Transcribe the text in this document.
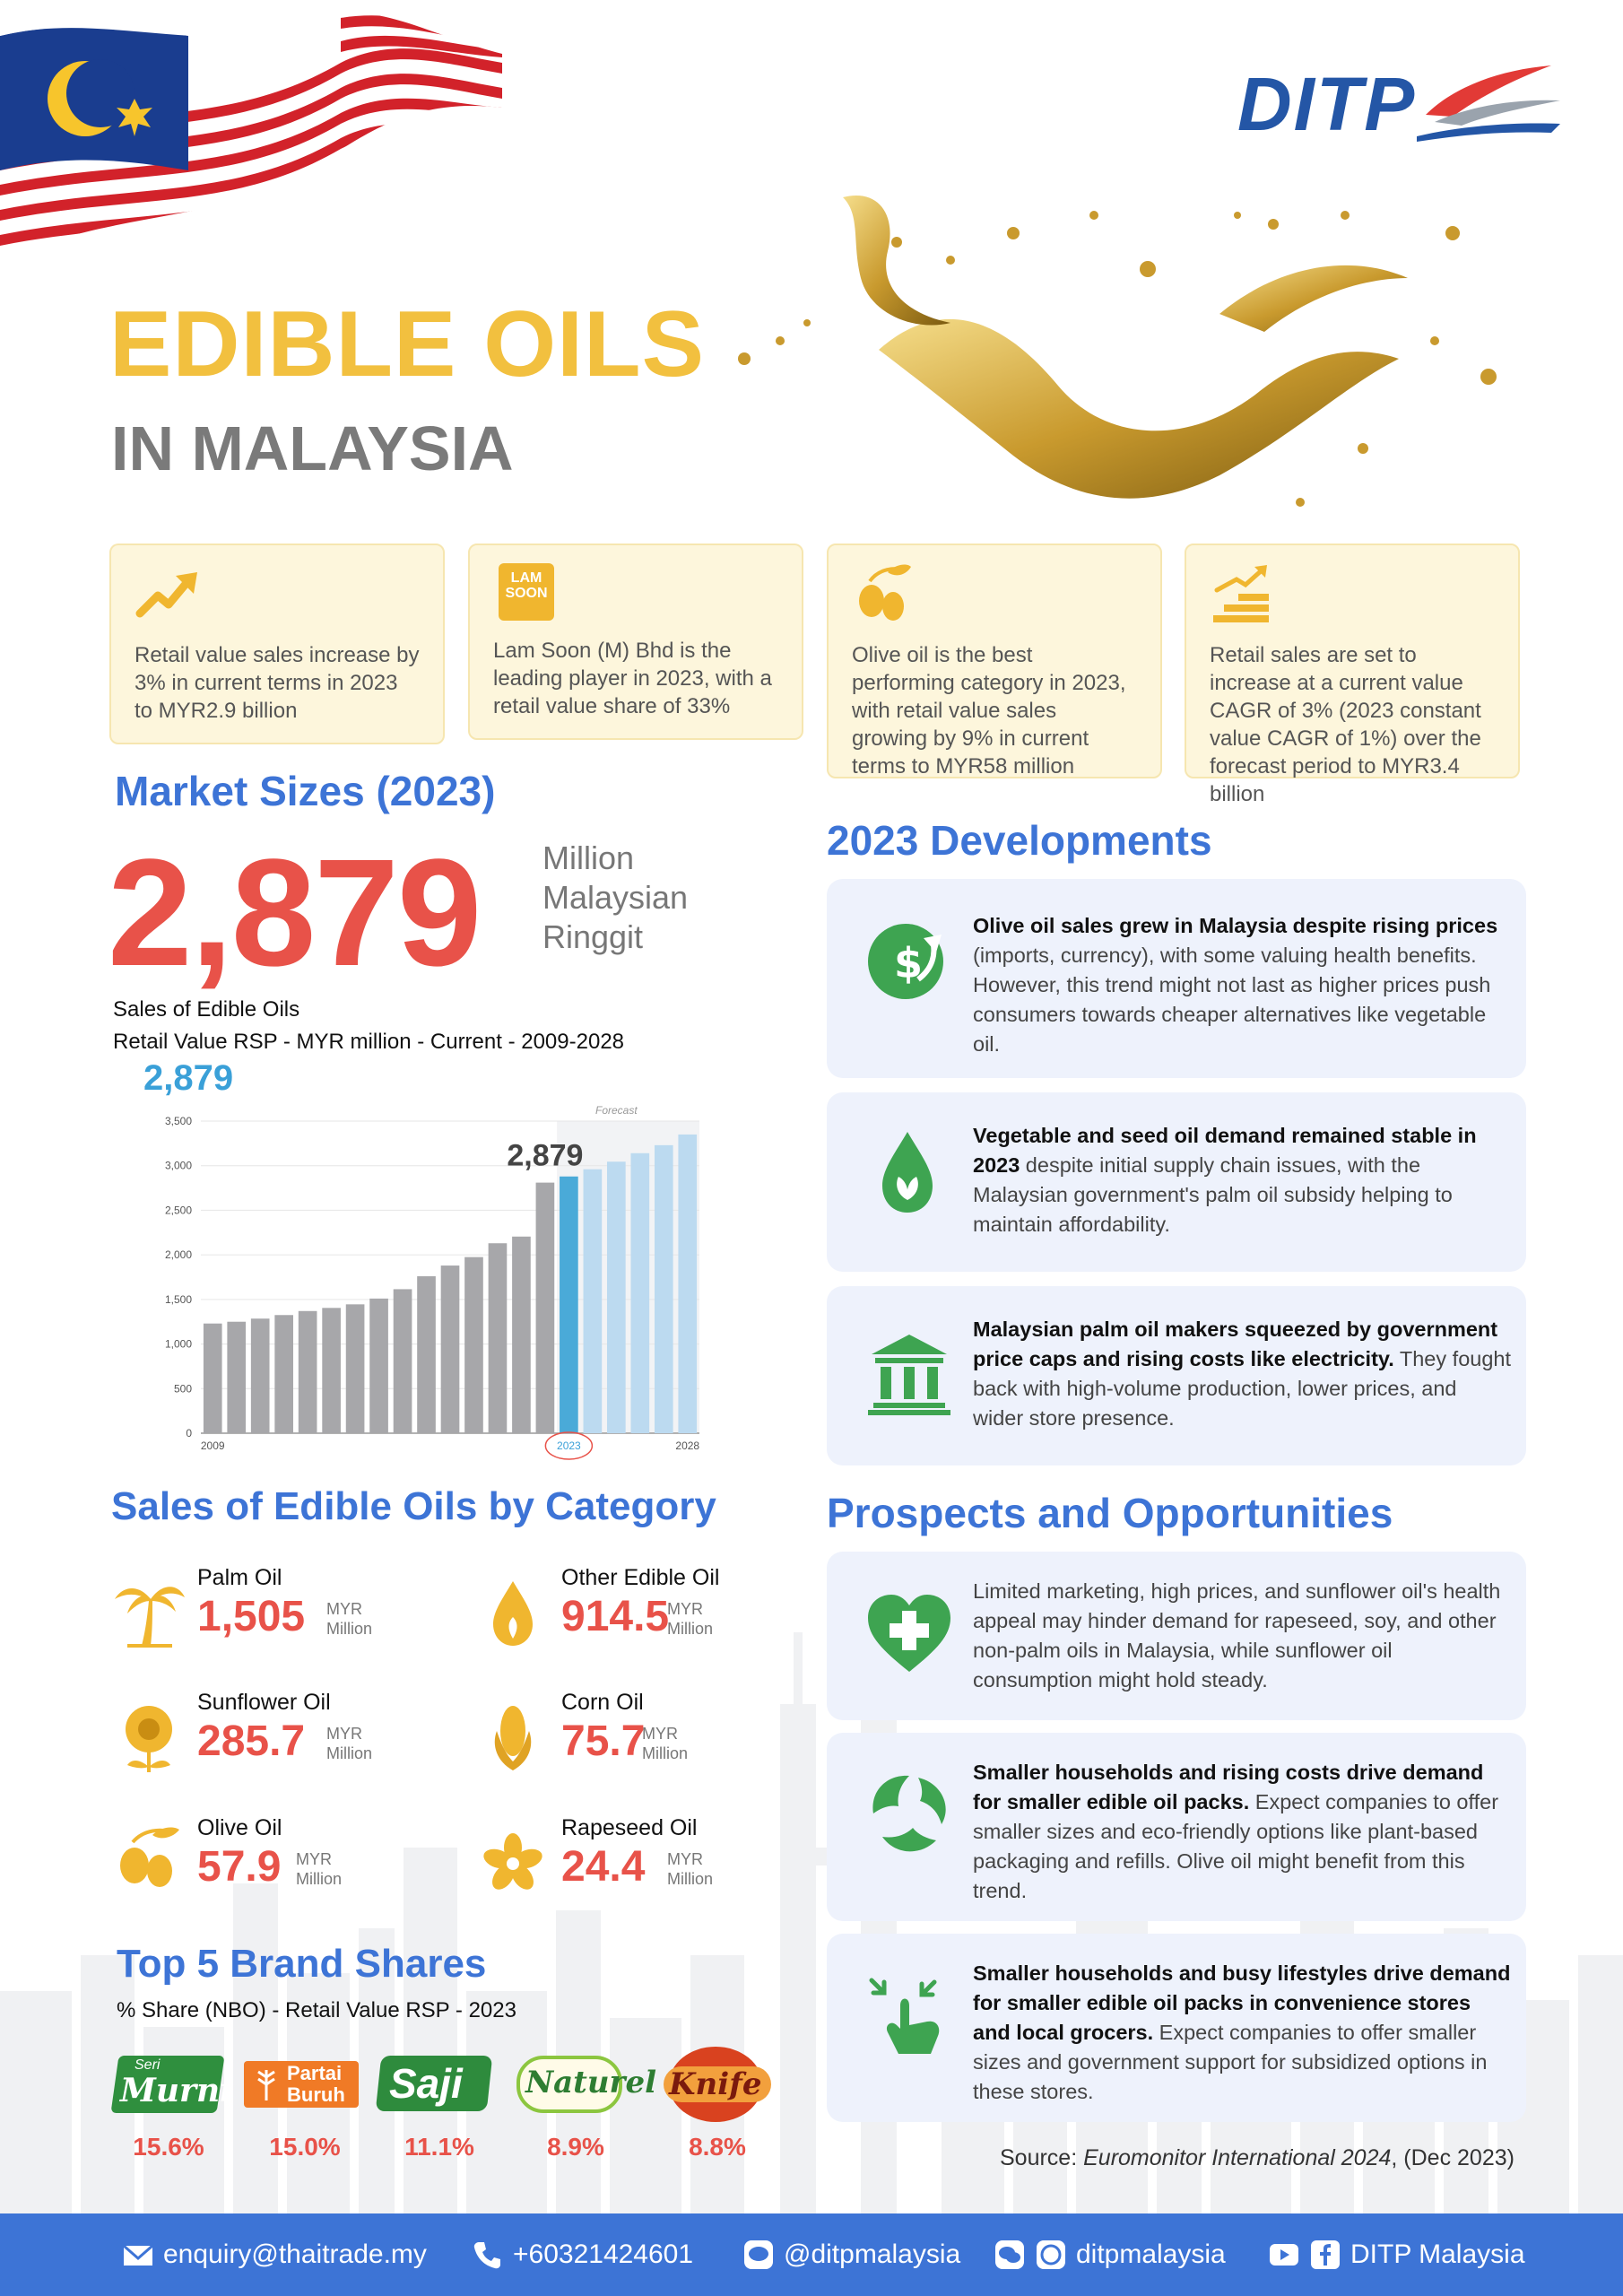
DITP
EDIBLE OILS
IN MALAYSIA
Retail value sales increase by 3% in current terms in 2023 to MYR2.9 billion
LAM SOON
Lam Soon (M) Bhd is the leading player in 2023, with a retail value share of 33%
Olive oil is the best performing category in 2023, with retail value sales growing by 9% in current terms to MYR58 million
Retail sales are set to increase at a current value CAGR of 3% (2023 constant value CAGR of 1%) over the forecast period to MYR3.4 billion
Market Sizes (2023)
2,879 Million
Malaysian
Ringgit
Sales of Edible Oils
Retail Value RSP - MYR million - Current - 2009-2028
2,879
Forecast
0
500
1,000
1,500
2,000
2,500
3,000
3,500
2,879
2009	2023	2028
Sales of Edible Oils by Category
Palm Oil
1,505 MYR
Million
Other Edible Oil
914.5
MYR
Million
Sunflower Oil
285.7 MYR
Million
Corn Oil
75.7
MYR
Million
Olive Oil
57.9 MYR
Million
Rapeseed Oil
24.4 MYR
Million
Top 5 Brand Shares
% Share (NBO) - Retail Value RSP - 2023
Seri
Murni	Partai
Buruh Saji Naturel Knife
15.6%	15.0%	11.1%	8.9%	8.8%
2023 Developments
$
Olive oil sales grew in Malaysia despite rising prices (imports, currency), with some valuing health benefits. However, this trend might not last as higher prices push consumers towards cheaper alternatives like vegetable oil.
Vegetable and seed oil demand remained stable in 2023 despite initial supply chain issues, with the Malaysian government's palm oil subsidy helping to maintain affordability.
Malaysian palm oil makers squeezed by government price caps and rising costs like electricity. They fought back with high-volume production, lower prices, and wider store presence.
Prospects and Opportunities
Limited marketing, high prices, and sunflower oil's health appeal may hinder demand for rapeseed, soy, and other non-palm oils in Malaysia, while sunflower oil consumption might hold steady.
Smaller households and rising costs drive demand for smaller edible oil packs. Expect companies to offer smaller sizes and eco-friendly options like plant-based packaging and refills. Olive oil might benefit from this trend.
Smaller households and busy lifestyles drive demand for smaller edible oil packs in convenience stores and local grocers. Expect companies to offer smaller sizes and government support for subsidized options in these stores.
Source: Euromonitor International 2024, (Dec 2023)
enquiry@thaitrade.my	+60321424601	@ditpmalaysia	ditpmalaysia	DITP Malaysia
